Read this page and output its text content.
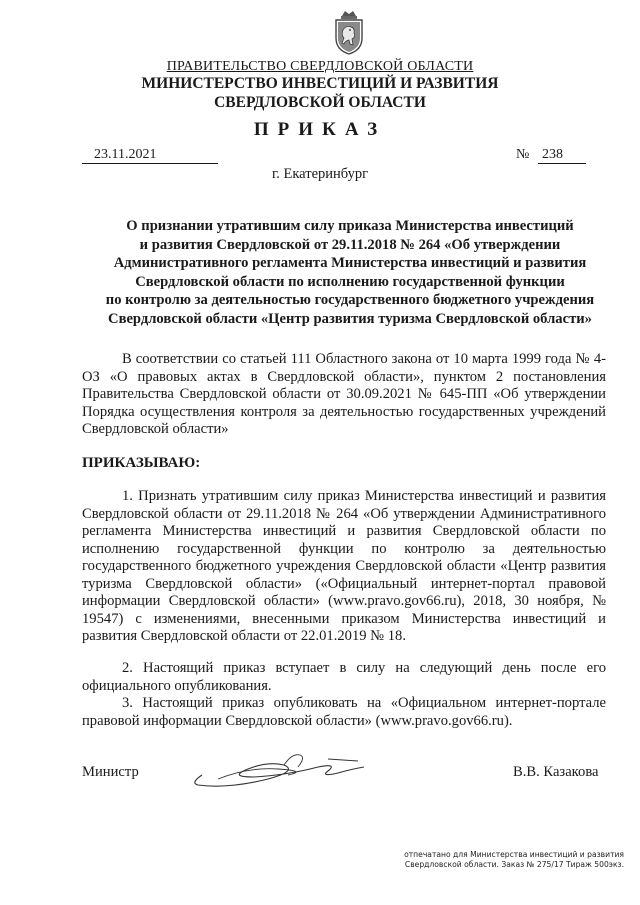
ПРАВИТЕЛЬСТВО СВЕРДЛОВСКОЙ ОБЛАСТИ
МИНИСТЕРСТВО ИНВЕСТИЦИЙ И РАЗВИТИЯ
СВЕРДЛОВСКОЙ ОБЛАСТИ
ПРИКАЗ
23.11.2021	№ 238
г. Екатеринбург
О признании утратившим силу приказа Министерства инвестиций
и развития Свердловской от 29.11.2018 № 264 «Об утверждении
Административного регламента Министерства инвестиций и развития
Свердловской области по исполнению государственной функции
по контролю за деятельностью государственного бюджетного учреждения
Свердловской области «Центр развития туризма Свердловской области»
В соответствии со статьей 111 Областного закона от 10 марта 1999 года № 4-ОЗ «О правовых актах в Свердловской области», пунктом 2 постановления Правительства Свердловской области от 30.09.2021 № 645-ПП «Об утверждении Порядка осуществления контроля за деятельностью государственных учреждений Свердловской области»
ПРИКАЗЫВАЮ:
1. Признать утратившим силу приказ Министерства инвестиций и развития Свердловской области от 29.11.2018 № 264 «Об утверждении Административного регламента Министерства инвестиций и развития Свердловской области по исполнению государственной функции по контролю за деятельностью государственного бюджетного учреждения Свердловской области «Центр развития туризма Свердловской области» («Официальный интернет-портал правовой информации Свердловской области» (www.pravo.gov66.ru), 2018, 30 ноября, № 19547) с изменениями, внесенными приказом Министерства инвестиций и развития Свердловской области от 22.01.2019 № 18.
2. Настоящий приказ вступает в силу на следующий день после его официального опубликования.
3. Настоящий приказ опубликовать на «Официальном интернет-портале правовой информации Свердловской области» (www.pravo.gov66.ru).
Министр	В.В. Казакова
отпечатано для Министерства инвестиций и развития
Свердловской области. Заказ № 275/17 Тираж 500экз.
